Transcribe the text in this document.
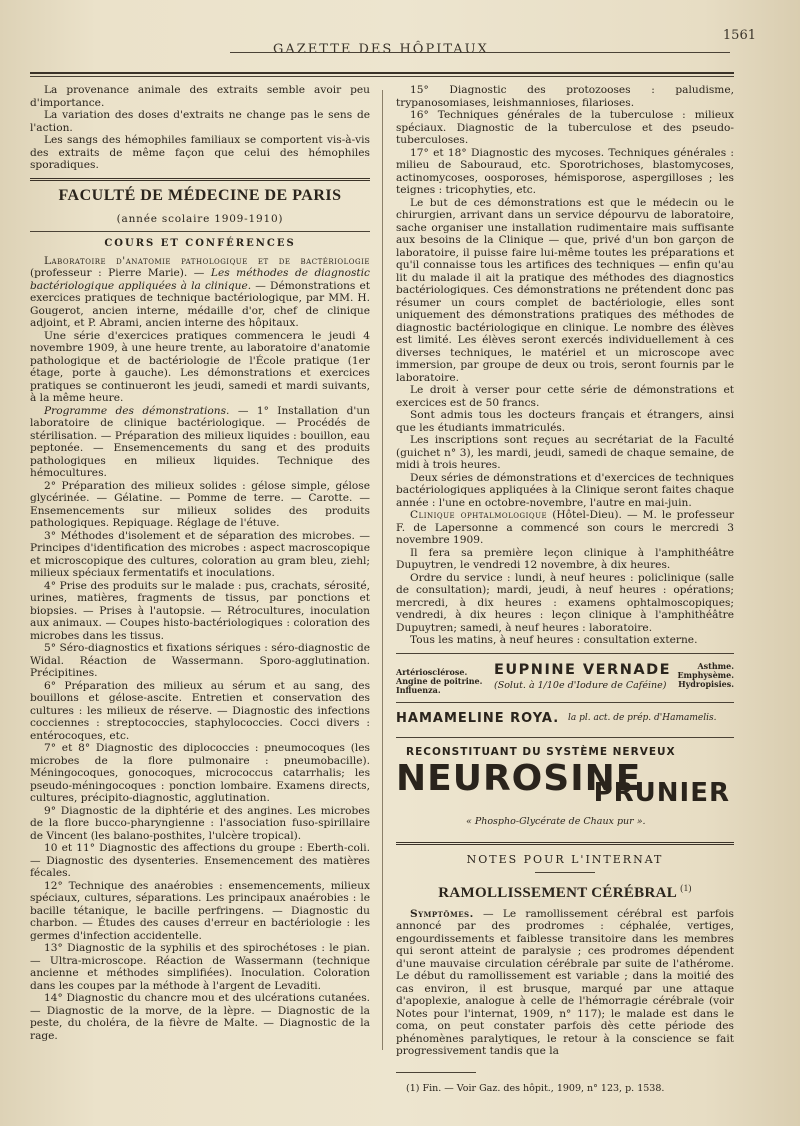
GAZETTE DES HÔPITAUX
1561

La provenance animale des extraits semble avoir peu d'importance.

La variation des doses d'extraits ne change pas le sens de l'action.

Les sangs des hémophiles familiaux se comportent vis-à-vis des extraits de même façon que celui des hémophiles sporadiques.

FACULTÉ DE MÉDECINE DE PARIS
(année scolaire 1909-1910)
COURS ET CONFÉRENCES

Laboratoire d'anatomie pathologique et de bactériologie (professeur : Pierre Marie). — Les méthodes de diagnostic bactériologique appliquées à la clinique. — Démonstrations et exercices pratiques de technique bactériologique, par MM. H. Gougerot, ancien interne, médaille d'or, chef de clinique adjoint, et P. Abrami, ancien interne des hôpitaux.

Une série d'exercices pratiques commencera le jeudi 4 novembre 1909, à une heure trente, au laboratoire d'anatomie pathologique et de bactériologie de l'École pratique (1er étage, porte à gauche). Les démonstrations et exercices pratiques se continueront les jeudi, samedi et mardi suivants, à la même heure.

Programme des démonstrations. — 1° Installation d'un laboratoire de clinique bactériologique. — Procédés de stérilisation. — Préparation des milieux liquides : bouillon, eau peptonée. — Ensemencements du sang et des produits pathologiques en milieux liquides. Technique des hémocultures.

2° Préparation des milieux solides : gélose simple, gélose glycérinée. — Gélatine. — Pomme de terre. — Carotte. — Ensemencements sur milieux solides des produits pathologiques. Repiquage. Réglage de l'étuve.

3° Méthodes d'isolement et de séparation des microbes. — Principes d'identification des microbes : aspect macroscopique et microscopique des cultures, coloration au gram bleu, ziehl; milieux spéciaux fermentatifs et inoculations.

4° Prise des produits sur le malade : pus, crachats, sérosité, urines, matières, fragments de tissus, par ponctions et biopsies. — Prises à l'autopsie. — Rétrocultures, inoculation aux animaux. — Coupes histo-bactériologiques : coloration des microbes dans les tissus.

5° Séro-diagnostics et fixations sériques : séro-diagnostic de Widal. Réaction de Wassermann. Sporo-agglutination. Précipitines.

6° Préparation des milieux au sérum et au sang, des bouillons et gélose-ascite. Entretien et conservation des cultures : les milieux de réserve. — Diagnostic des infections cocciennes : streptococcies, staphylococcies. Cocci divers : entérocoques, etc.

7° et 8° Diagnostic des diplococcies : pneumocoques (les microbes de la flore pulmonaire : pneumobacille). Méningocoques, gonocoques, micrococcus catarrhalis; les pseudo-méningocoques : ponction lombaire. Examens directs, cultures, précipito-diagnostic, agglutination.

9° Diagnostic de la diphtérie et des angines. Les microbes de la flore bucco-pharyngienne : l'association fuso-spirillaire de Vincent (les balano-posthites, l'ulcère tropical).

10 et 11° Diagnostic des affections du groupe : Eberth-coli. — Diagnostic des dysenteries. Ensemencement des matières fécales.

12° Technique des anaérobies : ensemencements, milieux spéciaux, cultures, séparations. Les principaux anaérobies : le bacille tétanique, le bacille perfringens. — Diagnostic du charbon. — Études des causes d'erreur en bactériologie : les germes d'infection accidentelle.

13° Diagnostic de la syphilis et des spirochétoses : le pian. — Ultra-microscope. Réaction de Wassermann (technique ancienne et méthodes simplifiées). Inoculation. Coloration dans les coupes par la méthode à l'argent de Levaditi.

14° Diagnostic du chancre mou et des ulcérations cutanées. — Diagnostic de la morve, de la lèpre. — Diagnostic de la peste, du choléra, de la fièvre de Malte. — Diagnostic de la rage.

15° Diagnostic des protozooses : paludisme, trypanosomiases, leishmannioses, filarioses.

16° Techniques générales de la tuberculose : milieux spéciaux. Diagnostic de la tuberculose et des pseudo-tuberculoses.

17° et 18° Diagnostic des mycoses. Techniques générales : milieu de Sabouraud, etc. Sporotrichoses, blastomycoses, actinomycoses, oosporoses, hémisporose, aspergilloses ; les teignes : tricophyties, etc.

Le but de ces démonstrations est que le médecin ou le chirurgien, arrivant dans un service dépourvu de laboratoire, sache organiser une installation rudimentaire mais suffisante aux besoins de la Clinique — que, privé d'un bon garçon de laboratoire, il puisse faire lui-même toutes les préparations et qu'il connaisse tous les artifices des techniques — enfin qu'au lit du malade il ait la pratique des méthodes des diagnostics bactériologiques. Ces démonstrations ne prétendent donc pas résumer un cours complet de bactériologie, elles sont uniquement des démonstrations pratiques des méthodes de diagnostic bactériologique en clinique. Le nombre des élèves est limité. Les élèves seront exercés individuellement à ces diverses techniques, le matériel et un microscope avec immersion, par groupe de deux ou trois, seront fournis par le laboratoire.

Le droit à verser pour cette série de démonstrations et exercices est de 50 francs.

Sont admis tous les docteurs français et étrangers, ainsi que les étudiants immatriculés.

Les inscriptions sont reçues au secrétariat de la Faculté (guichet n° 3), les mardi, jeudi, samedi de chaque semaine, de midi à trois heures.

Deux séries de démonstrations et d'exercices de techniques bactériologiques appliquées à la Clinique seront faites chaque année : l'une en octobre-novembre, l'autre en mai-juin.

Clinique ophtalmologique (Hôtel-Dieu). — M. le professeur F. de Lapersonne a commencé son cours le mercredi 3 novembre 1909.

Il fera sa première leçon clinique à l'amphithéâtre Dupuytren, le vendredi 12 novembre, à dix heures.

Ordre du service : lundi, à neuf heures : policlinique (salle de consultation); mardi, jeudi, à neuf heures : opérations; mercredi, à dix heures : examens ophtalmoscopiques; vendredi, à dix heures : leçon clinique à l'amphithéâtre Dupuytren; samedi, à neuf heures : laboratoire.

Tous les matins, à neuf heures : consultation externe.

Artériosclérose.
Angine de poitrine.
Influenza.
EUPNINE VERNADE
(Solut. à 1/10e d'Iodure de Caféine)
Asthme.
Emphysème.
Hydropisies.
HAMAMELINE ROYA. la pl. act. de prép. d'Hamamelis.
RECONSTITUANT DU SYSTÈME NERVEUX
NEUROSINE
PRUNIER
« Phospho-Glycérate de Chaux pur ».
NOTES POUR L'INTERNAT
RAMOLLISSEMENT CÉRÉBRAL $^{(1)}$

Symptômes. — Le ramollissement cérébral est parfois annoncé par des prodromes : céphalée, vertiges, engourdissements et faiblesse transitoire dans les membres qui seront atteint de paralysie ; ces prodromes dépendent d'une mauvaise circulation cérébrale par suite de l'athérome. Le début du ramollissement est variable ; dans la moitié des cas environ, il est brusque, marqué par une attaque d'apoplexie, analogue à celle de l'hémorragie cérébrale (voir Notes pour l'internat, 1909, n° 117); le malade est dans le coma, on peut constater parfois dès cette période des phénomènes paralytiques, le retour à la conscience se fait progressivement tandis que la

(1) Fin. — Voir Gaz. des hôpit., 1909, n° 123, p. 1538.
